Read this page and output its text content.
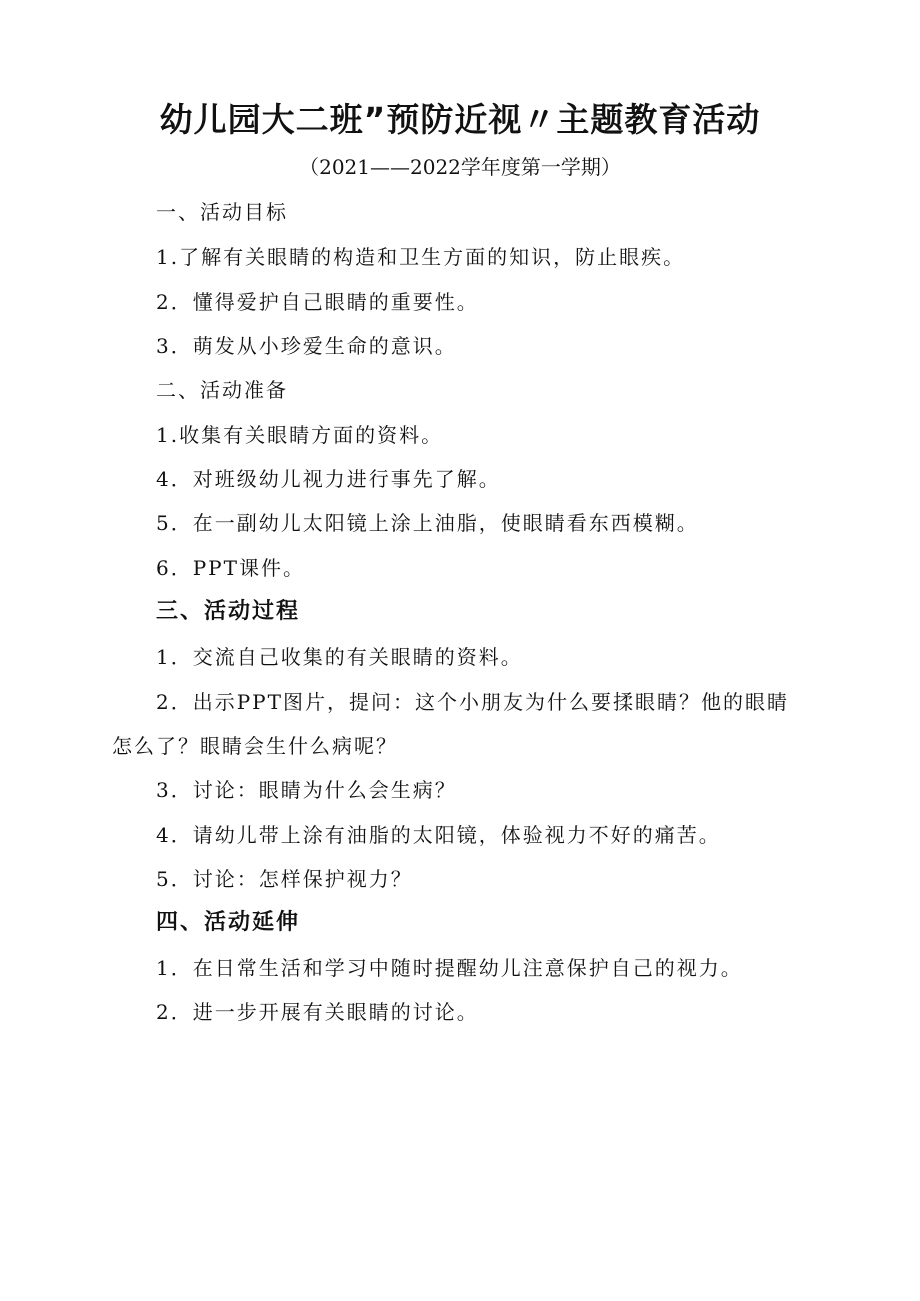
幼儿园大二班”预防近视〃主题教育活动
（2021——2022学年度第一学期）
一、活动目标
1.了解有关眼睛的构造和卫生方面的知识，防止眼疾。
2．懂得爱护自己眼睛的重要性。
3．萌发从小珍爱生命的意识。
二、活动准备
1.收集有关眼睛方面的资料。
4．对班级幼儿视力进行事先了解。
5．在一副幼儿太阳镜上涂上油脂，使眼睛看东西模糊。
6．PPT课件。
三、活动过程
1．交流自己收集的有关眼睛的资料。
2．出示PPT图片，提问：这个小朋友为什么要揉眼睛？他的眼睛
怎么了？眼睛会生什么病呢？
3．讨论：眼睛为什么会生病？
4．请幼儿带上涂有油脂的太阳镜，体验视力不好的痛苦。
5．讨论：怎样保护视力？
四、活动延伸
1．在日常生活和学习中随时提醒幼儿注意保护自己的视力。
2．进一步开展有关眼睛的讨论。
